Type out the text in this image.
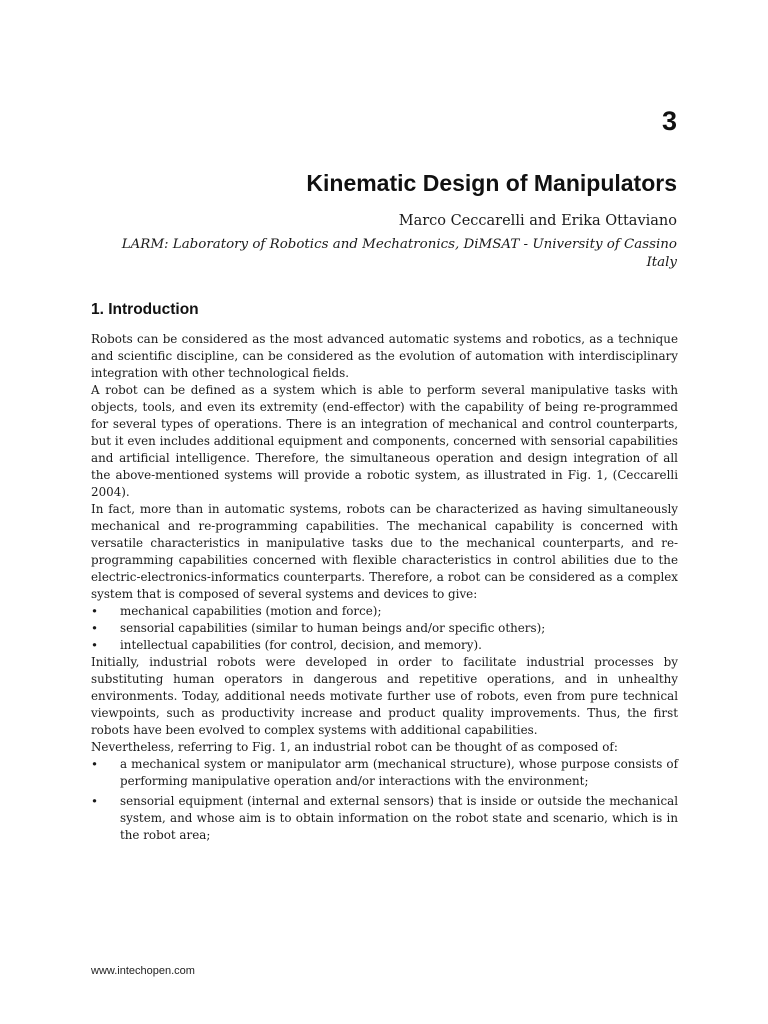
3
Kinematic Design of Manipulators
Marco Ceccarelli and Erika Ottaviano
LARM: Laboratory of Robotics and Mechatronics, DiMSAT - University of Cassino Italy
1. Introduction

Robots can be considered as the most advanced automatic systems and robotics, as a technique and scientific discipline, can be considered as the evolution of automation with interdisciplinary integration with other technological fields.

A robot can be defined as a system which is able to perform several manipulative tasks with objects, tools, and even its extremity (end-effector) with the capability of being re-programmed for several types of operations. There is an integration of mechanical and control counterparts, but it even includes additional equipment and components, concerned with sensorial capabilities and artificial intelligence. Therefore, the simultaneous operation and design integration of all the above-mentioned systems will provide a robotic system, as illustrated in Fig. 1, (Ceccarelli 2004).

In fact, more than in automatic systems, robots can be characterized as having simultaneously mechanical and re-programming capabilities. The mechanical capability is concerned with versatile characteristics in manipulative tasks due to the mechanical counterparts, and re-programming capabilities concerned with flexible characteristics in control abilities due to the electric-electronics-informatics counterparts. Therefore, a robot can be considered as a complex system that is composed of several systems and devices to give:

• mechanical capabilities (motion and force);
• sensorial capabilities (similar to human beings and/or specific others);
• intellectual capabilities (for control, decision, and memory).

Initially, industrial robots were developed in order to facilitate industrial processes by substituting human operators in dangerous and repetitive operations, and in unhealthy environments. Today, additional needs motivate further use of robots, even from pure technical viewpoints, such as productivity increase and product quality improvements. Thus, the first robots have been evolved to complex systems with additional capabilities.

Nevertheless, referring to Fig. 1, an industrial robot can be thought of as composed of:

• a mechanical system or manipulator arm (mechanical structure), whose purpose consists of performing manipulative operation and/or interactions with the environment;
• sensorial equipment (internal and external sensors) that is inside or outside the mechanical system, and whose aim is to obtain information on the robot state and scenario, which is in the robot area;
www.intechopen.com
